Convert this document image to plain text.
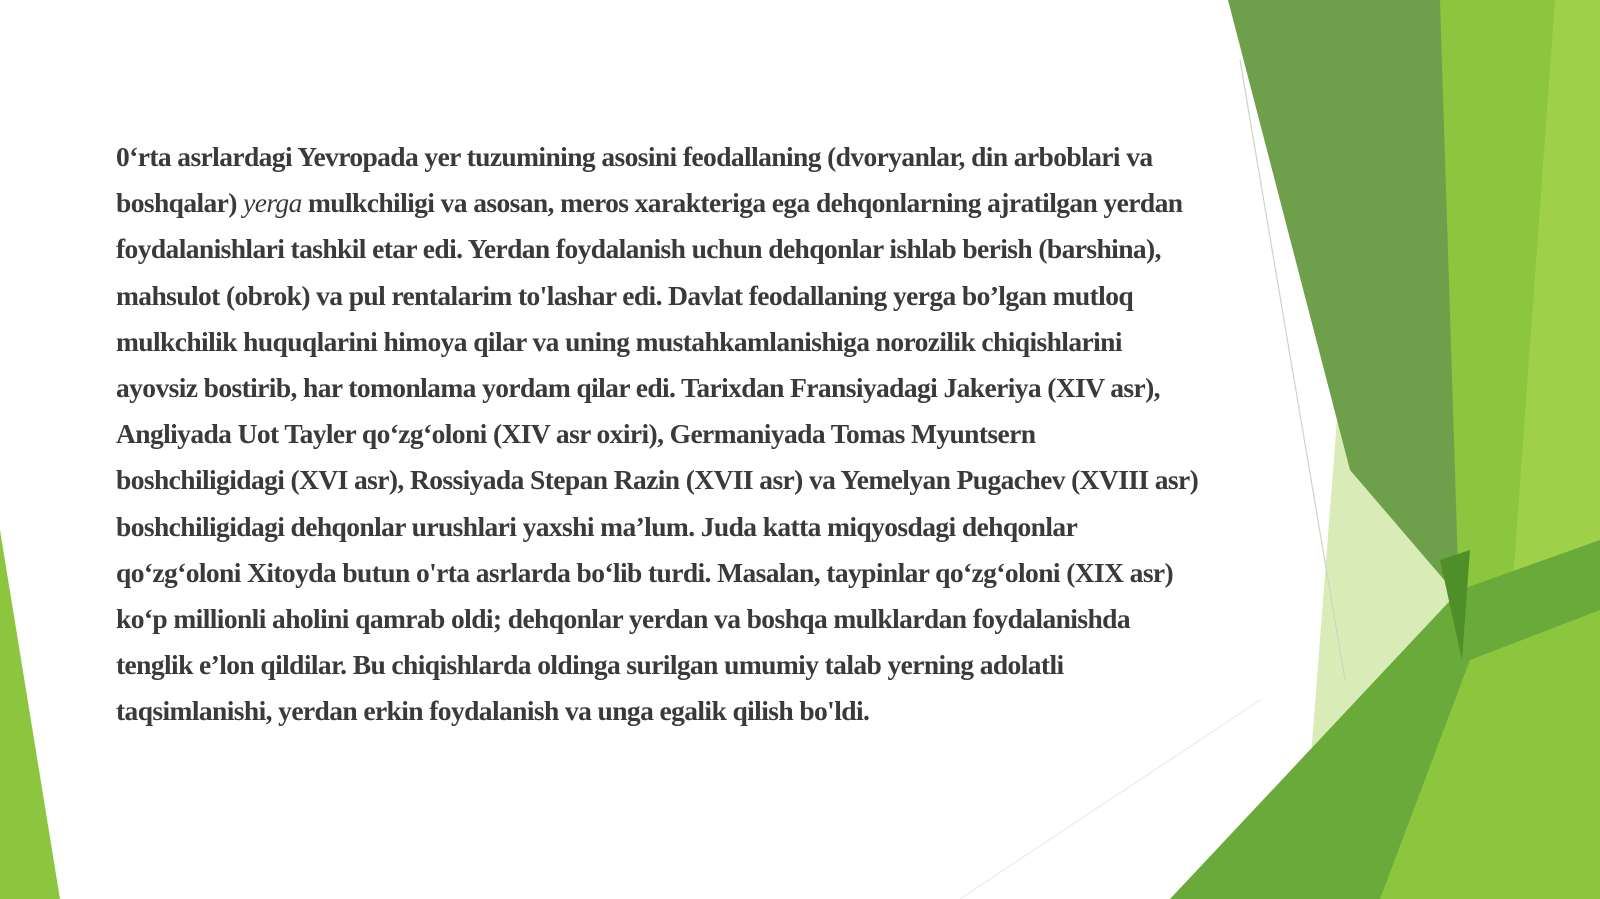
0‘rta asrlardagi Yevropada yer tuzumining asosini feodallaning (dvoryanlar, din arboblari va
boshqalar) yerga mulkchiligi va asosan, meros xarakteriga ega dehqonlarning ajratilgan yerdan
foydalanishlari tashkil etar edi. Yerdan foydalanish uchun dehqonlar ishlab berish (barshina),
mahsulot (obrok) va pul rentalarim to'lashar edi. Davlat feodallaning yerga bo’lgan mutloq
mulkchilik huquqlarini himoya qilar va uning mustahkamlanishiga norozilik chiqishlarini
ayovsiz bostirib, har tomonlama yordam qilar edi. Tarixdan Fransiyadagi Jakeriya (XIV asr),
Angliyada Uot Tayler qo‘zg‘oloni (XIV asr oxiri), Germaniyada Tomas Myuntsern
boshchiligidagi (XVI asr), Rossiyada Stepan Razin (XVII asr) va Yemelyan Pugachev (XVIII asr)
boshchiligidagi dehqonlar urushlari yaxshi ma’lum. Juda katta miqyosdagi dehqonlar
qo‘zg‘oloni Xitoyda butun o'rta asrlarda bo‘lib turdi. Masalan, taypinlar qo‘zg‘oloni (XIX asr)
ko‘p millionli aholini qamrab oldi; dehqonlar yerdan va boshqa mulklardan foydalanishda
tenglik e’lon qildilar. Bu chiqishlarda oldinga surilgan umumiy talab yerning adolatli
taqsimlanishi, yerdan erkin foydalanish va unga egalik qilish bo'ldi.
